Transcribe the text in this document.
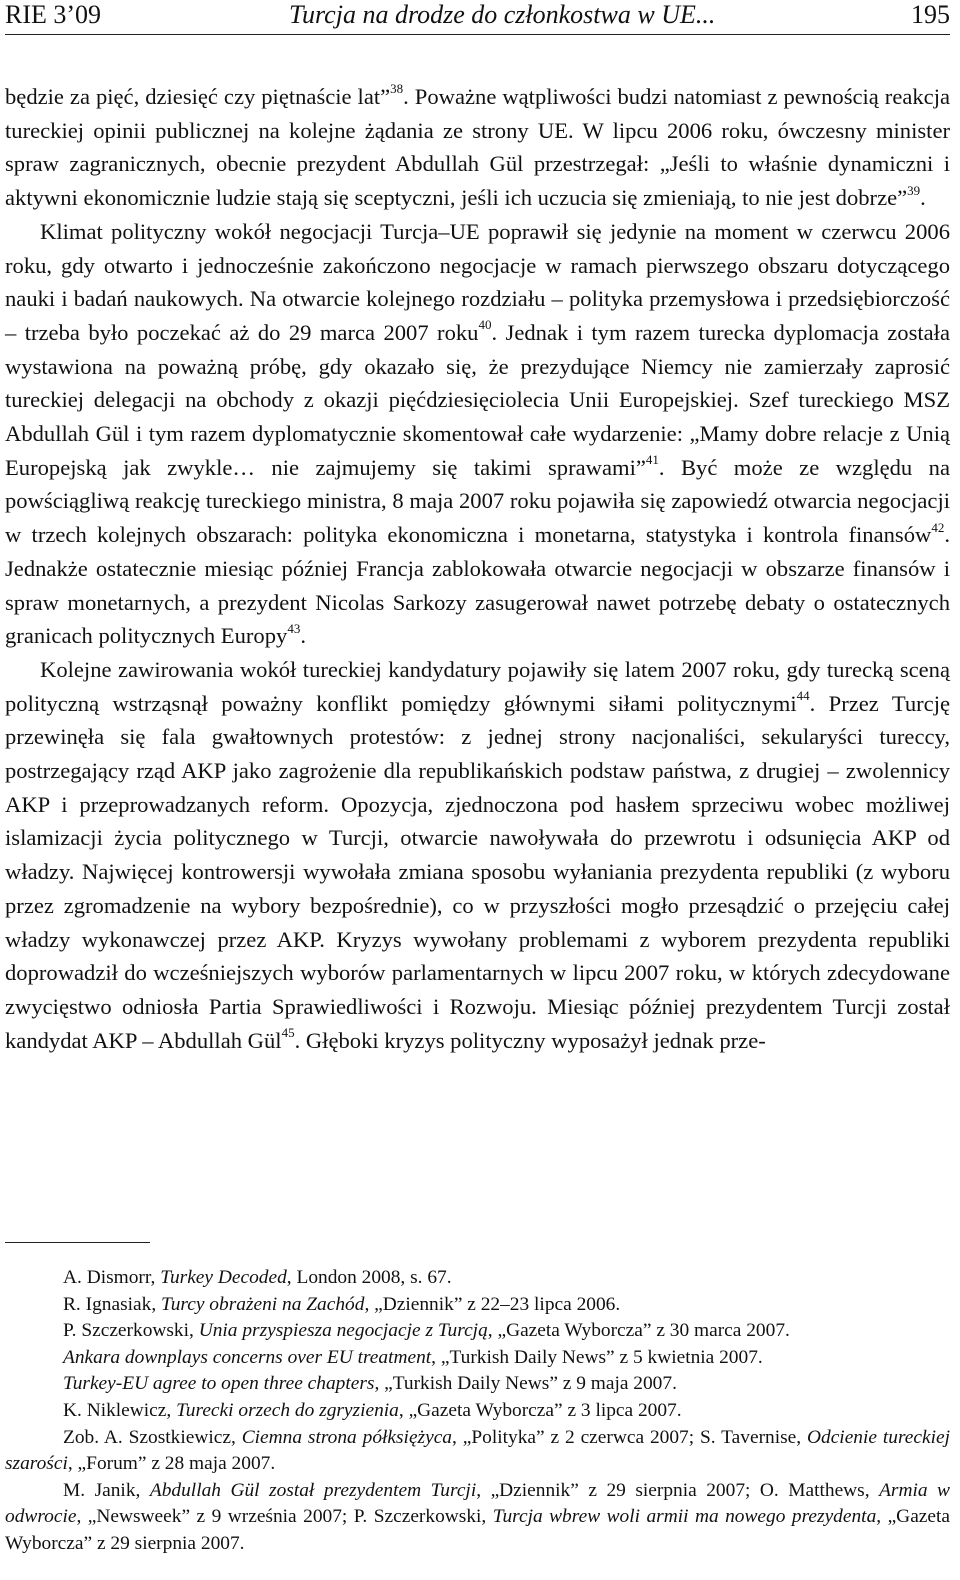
RIE 3’09	Turcja na drodze do członkostwa w UE...	195

będzie za pięć, dziesięć czy piętnaście lat”$^{38}$. Poważne wątpliwości budzi natomiast z pewnością reakcja tureckiej opinii publicznej na kolejne żądania ze strony UE. W lipcu 2006 roku, ówczesny minister spraw zagranicznych, obecnie prezydent Abdullah Gül przestrzegał: „Jeśli to właśnie dynamiczni i aktywni ekonomicznie ludzie stają się sceptyczni, jeśli ich uczucia się zmieniają, to nie jest dobrze”$^{39}$.

Klimat polityczny wokół negocjacji Turcja–UE poprawił się jedynie na moment w czerwcu 2006 roku, gdy otwarto i jednocześnie zakończono negocjacje w ramach pierwszego obszaru dotyczącego nauki i badań naukowych. Na otwarcie kolejnego rozdziału – polityka przemysłowa i przedsiębiorczość – trzeba było poczekać aż do 29 marca 2007 roku$^{40}$. Jednak i tym razem turecka dyplomacja została wystawiona na poważną próbę, gdy okazało się, że prezydujące Niemcy nie zamierzały zaprosić tureckiej delegacji na obchody z okazji pięćdziesięciolecia Unii Europejskiej. Szef tureckiego MSZ Abdullah Gül i tym razem dyplomatycznie skomentował całe wydarzenie: „Mamy dobre relacje z Unią Europejską jak zwykle… nie zajmujemy się takimi sprawami”$^{41}$. Być może ze względu na powściągliwą reakcję tureckiego ministra, 8 maja 2007 roku pojawiła się zapowiedź otwarcia negocjacji w trzech kolejnych obszarach: polityka ekonomiczna i monetarna, statystyka i kontrola finansów$^{42}$. Jednakże ostatecznie miesiąc później Francja zablokowała otwarcie negocjacji w obszarze finansów i spraw monetarnych, a prezydent Nicolas Sarkozy zasugerował nawet potrzebę debaty o ostatecznych granicach politycznych Europy$^{43}$.

Kolejne zawirowania wokół tureckiej kandydatury pojawiły się latem 2007 roku, gdy turecką sceną polityczną wstrząsnął poważny konflikt pomiędzy głównymi siłami politycznymi$^{44}$. Przez Turcję przewinęła się fala gwałtownych protestów: z jednej strony nacjonaliści, sekularyści tureccy, postrzegający rząd AKP jako zagrożenie dla republikańskich podstaw państwa, z drugiej – zwolennicy AKP i przeprowadzanych reform. Opozycja, zjednoczona pod hasłem sprzeciwu wobec możliwej islamizacji życia politycznego w Turcji, otwarcie nawoływała do przewrotu i odsunięcia AKP od władzy. Najwięcej kontrowersji wywołała zmiana sposobu wyłaniania prezydenta republiki (z wyboru przez zgromadzenie na wybory bezpośrednie), co w przyszłości mogło przesądzić o przejęciu całej władzy wykonawczej przez AKP. Kryzys wywołany problemami z wyborem prezydenta republiki doprowadził do wcześniejszych wyborów parlamentarnych w lipcu 2007 roku, w których zdecydowane zwycięstwo odniosła Partia Sprawiedliwości i Rozwoju. Miesiąc później prezydentem Turcji został kandydat AKP – Abdullah Gül$^{45}$. Głęboki kryzys polityczny wyposażył jednak prze-

A. Dismorr, Turkey Decoded, London 2008, s. 67.

R. Ignasiak, Turcy obrażeni na Zachód, „Dziennik” z 22–23 lipca 2006.

P. Szczerkowski, Unia przyspiesza negocjacje z Turcją, „Gazeta Wyborcza” z 30 marca 2007.

Ankara downplays concerns over EU treatment, „Turkish Daily News” z 5 kwietnia 2007.

Turkey-EU agree to open three chapters, „Turkish Daily News” z 9 maja 2007.

K. Niklewicz, Turecki orzech do zgryzienia, „Gazeta Wyborcza” z 3 lipca 2007.

Zob. A. Szostkiewicz, Ciemna strona półksiężyca, „Polityka” z 2 czerwca 2007; S. Tavernise, Odcienie tureckiej szarości, „Forum” z 28 maja 2007.

M. Janik, Abdullah Gül został prezydentem Turcji, „Dziennik” z 29 sierpnia 2007; O. Matthews, Armia w odwrocie, „Newsweek” z 9 września 2007; P. Szczerkowski, Turcja wbrew woli armii ma nowego prezydenta, „Gazeta Wyborcza” z 29 sierpnia 2007.
